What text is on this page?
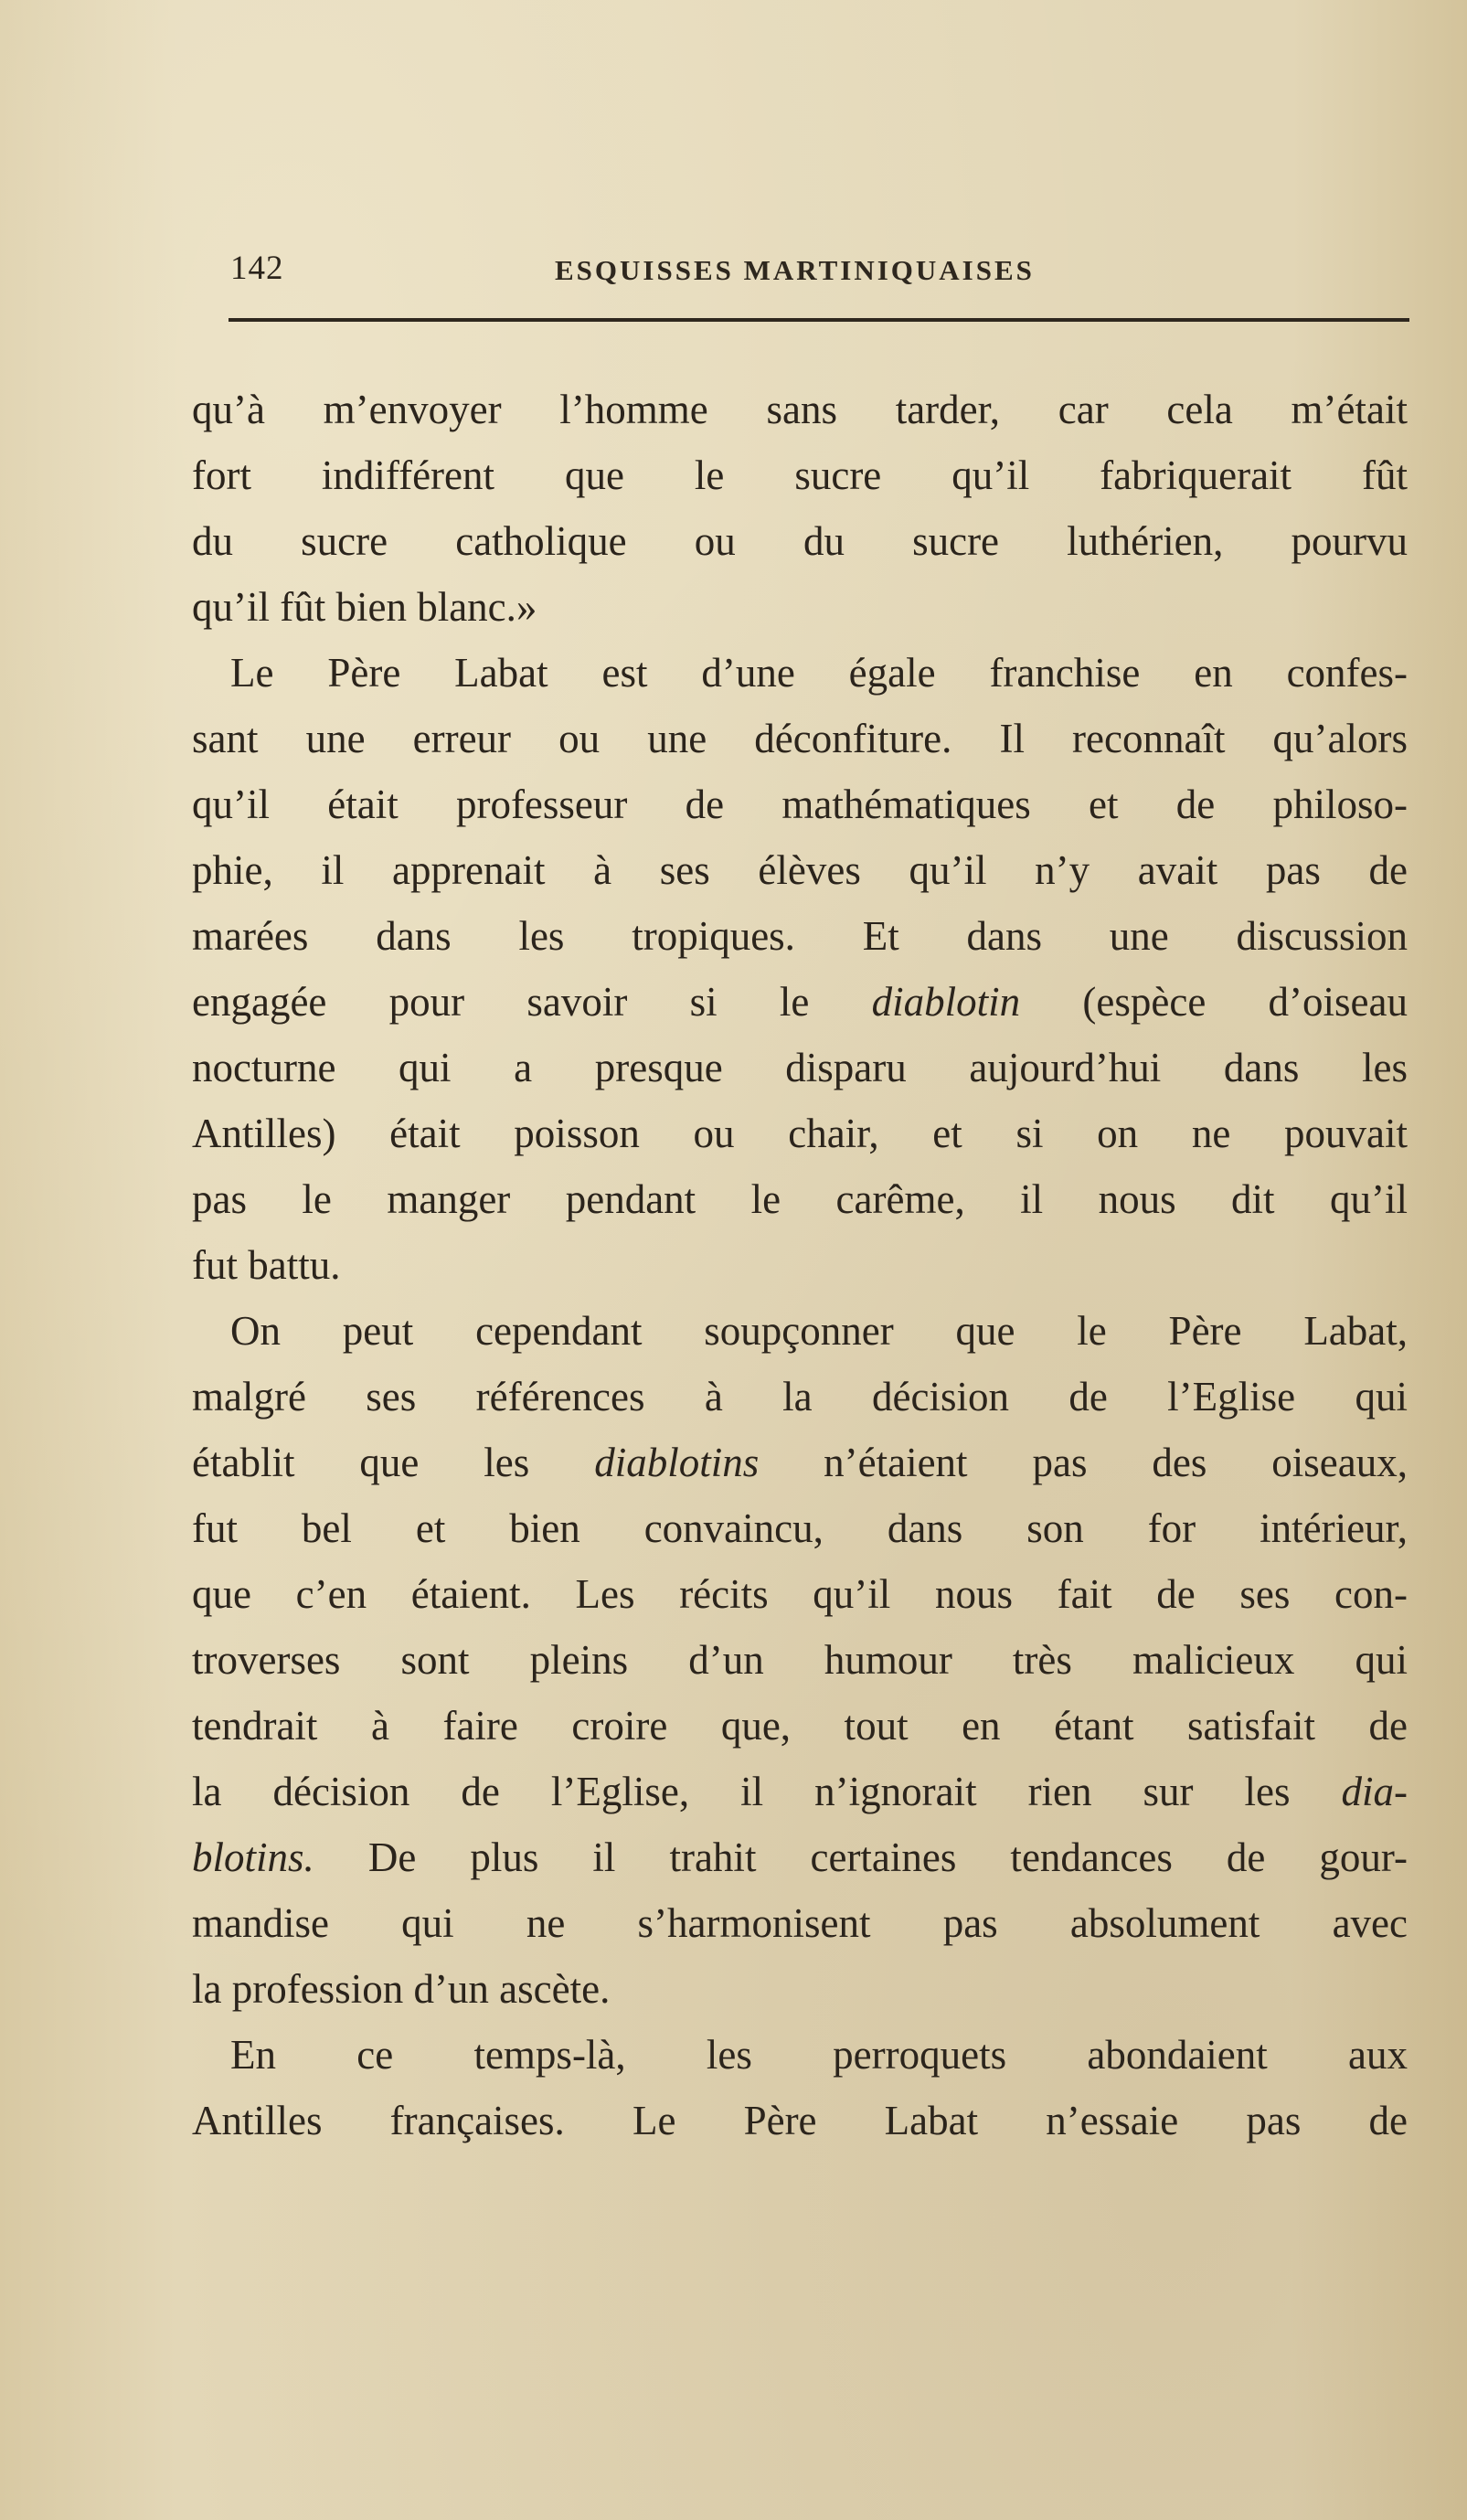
142	ESQUISSES MARTINIQUAISES
qu’à m’envoyer l’homme sans tarder, car cela m’était
fort indifférent que le sucre qu’il fabriquerait fût
du sucre catholique ou du sucre luthérien, pourvu
qu’il fût bien blanc.»
Le Père Labat est d’une égale franchise en confes-
sant une erreur ou une déconfiture. Il reconnaît qu’alors
qu’il était professeur de mathématiques et de philoso-
phie, il apprenait à ses élèves qu’il n’y avait pas de
marées dans les tropiques. Et dans une discussion
engagée pour savoir si le diablotin (espèce d’oiseau
nocturne qui a presque disparu aujourd’hui dans les
Antilles) était poisson ou chair, et si on ne pouvait
pas le manger pendant le carême, il nous dit qu’il
fut battu.
On peut cependant soupçonner que le Père Labat,
malgré ses références à la décision de l’Eglise qui
établit que les diablotins n’étaient pas des oiseaux,
fut bel et bien convaincu, dans son for intérieur,
que c’en étaient. Les récits qu’il nous fait de ses con-
troverses sont pleins d’un humour très malicieux qui
tendrait à faire croire que, tout en étant satisfait de
la décision de l’Eglise, il n’ignorait rien sur les dia-
blotins. De plus il trahit certaines tendances de gour-
mandise qui ne s’harmonisent pas absolument avec
la profession d’un ascète.
En ce temps-là, les perroquets abondaient aux
Antilles françaises. Le Père Labat n’essaie pas de
